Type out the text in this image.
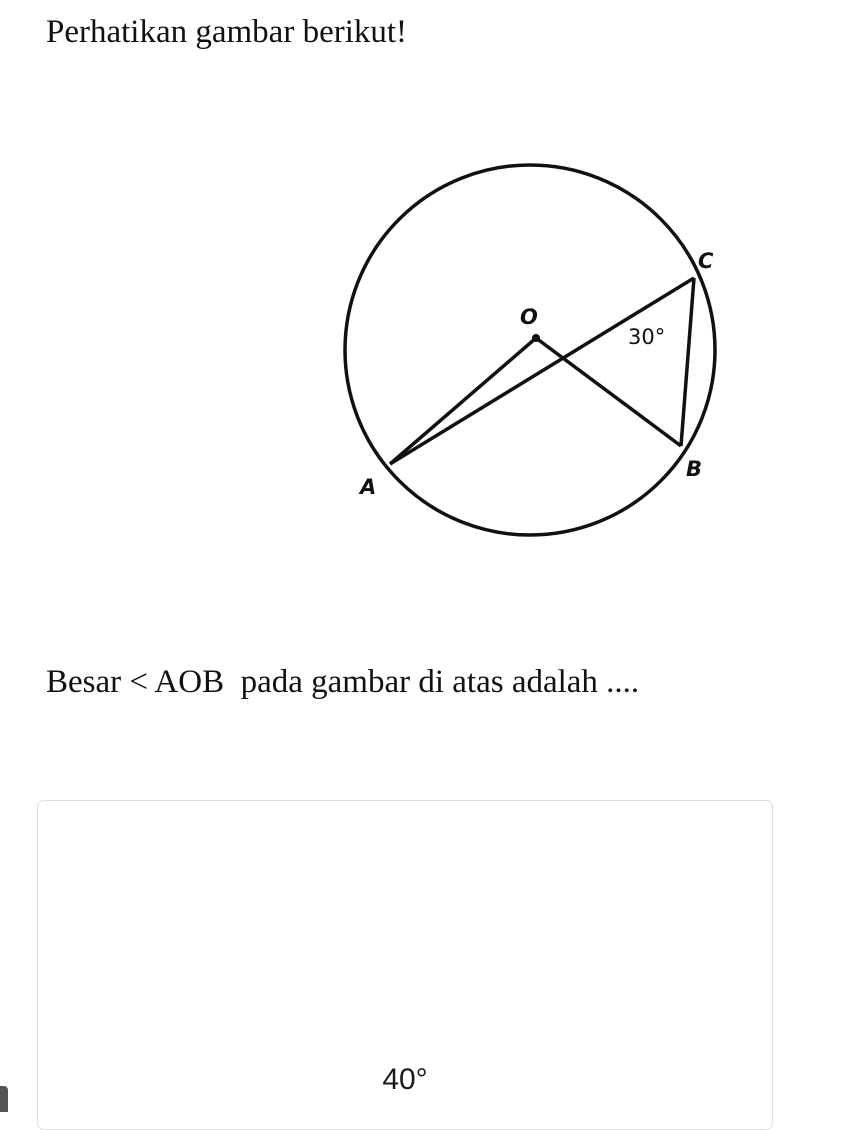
Perhatikan gambar berikut!

O
C
A
B
30°

Besar < AOB  pada gambar di atas adalah ....

40°
